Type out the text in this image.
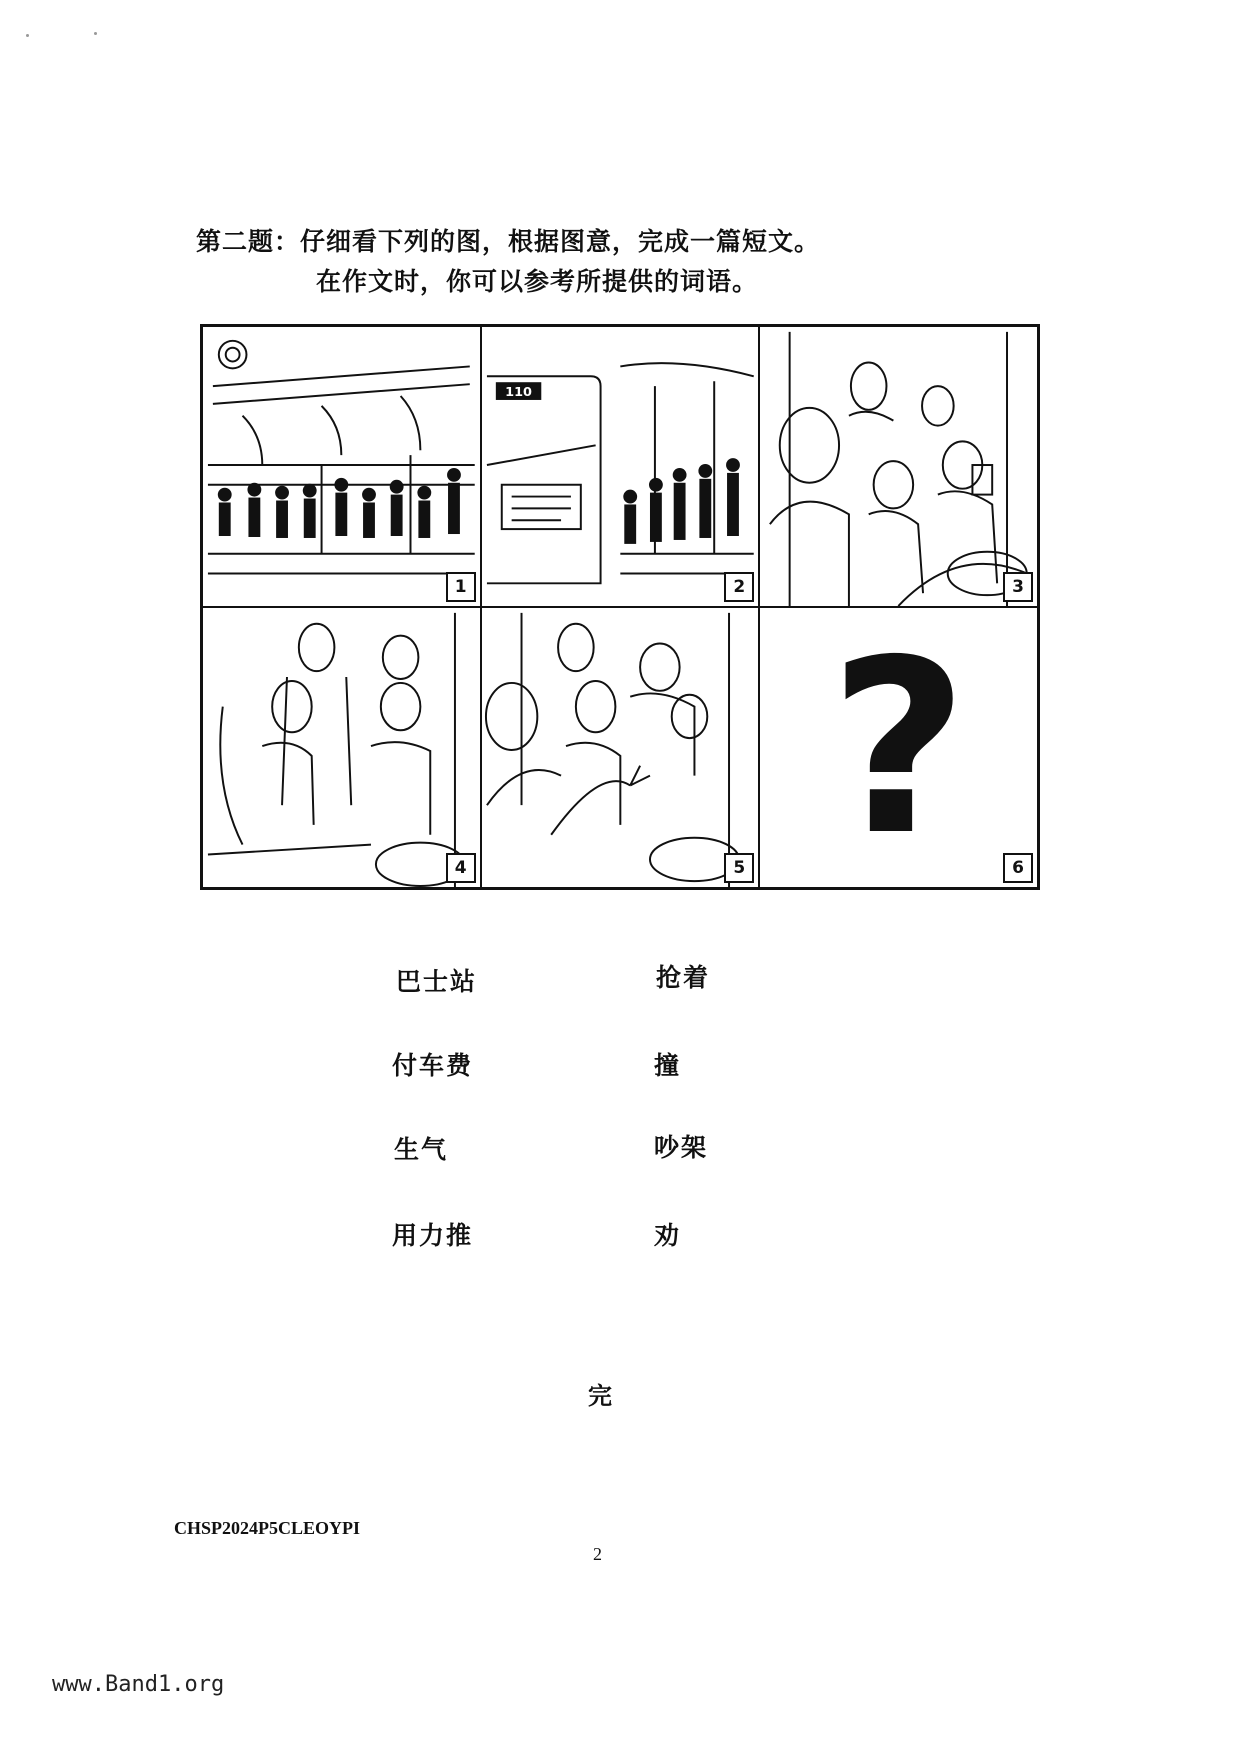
第二题：仔细看下列的图，根据图意，完成一篇短文。
在作文时，你可以参考所提供的词语。
1
110
2	3
4	5 ?	6
巴士站	抢着
付车费	撞
生气	吵架
用力推	劝
完
CHSP2024P5CLEOYPI
2
www.Band1.org
